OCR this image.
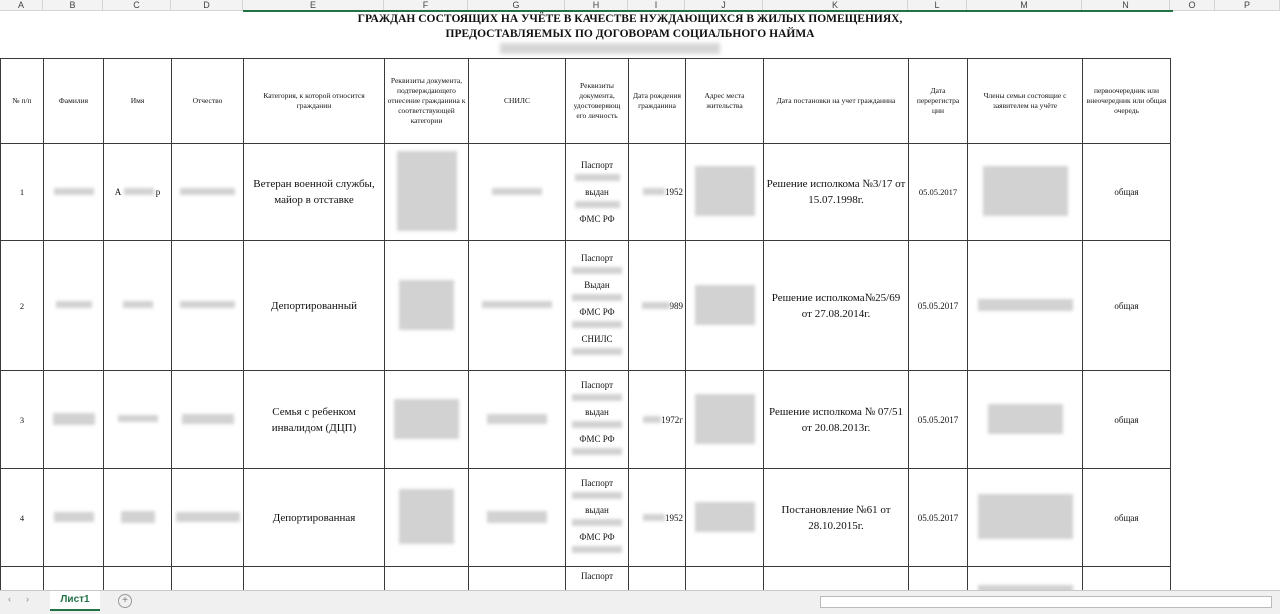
A	B	C	D	E	F	G	H	I	J	K	L	M	N	O	P
ГРАЖДАН СОСТОЯЩИХ НА УЧЁТЕ В КАЧЕСТВЕ НУЖДАЮЩИХСЯ В ЖИЛЫХ ПОМЕЩЕНИЯХ,
ПРЕДОСТАВЛЯЕМЫХ ПО ДОГОВОРАМ СОЦИАЛЬНОГО НАЙМА
№ п/п	Фамилия	Имя	Отчество	Категория, к которой относится гражданин	Реквизиты документа, подтверждающего отнесение гражданина к соответствующей категории	СНИЛС	Реквизиты документа, удостоверяющ его личность	Дата рождения гражданина	Адрес места жительства	Дата постановки на учет гражданина	Дата перерегистра ции	Члены семьи состоящие с заявителем на учёте	первоочередник или внеочередник или общая очередь
1		А р		Ветеран военной службы, майор в отставке			Паспорт
выдан
ФМС РФ	1952		Решение исполкома №3/17 от 15.07.1998г.	05.05.2017		общая
2				Депортированный			Паспорт
Выдан
ФМС РФ
СНИЛС	989		Решение исполкома№25/69 от 27.08.2014г.	05.05.2017		общая
3				Семья с ребенком инвалидом (ДЦП)			Паспорт
выдан
ФМС РФ	1972г		Решение исполкома № 07/51 от 20.08.2013г.	05.05.2017		общая
4				Депортированная			Паспорт
выдан
ФМС РФ	1952		Постановление №61 от 28.10.2015г.	05.05.2017		общая

Паспорт						

‹ ›	Лист1	+
